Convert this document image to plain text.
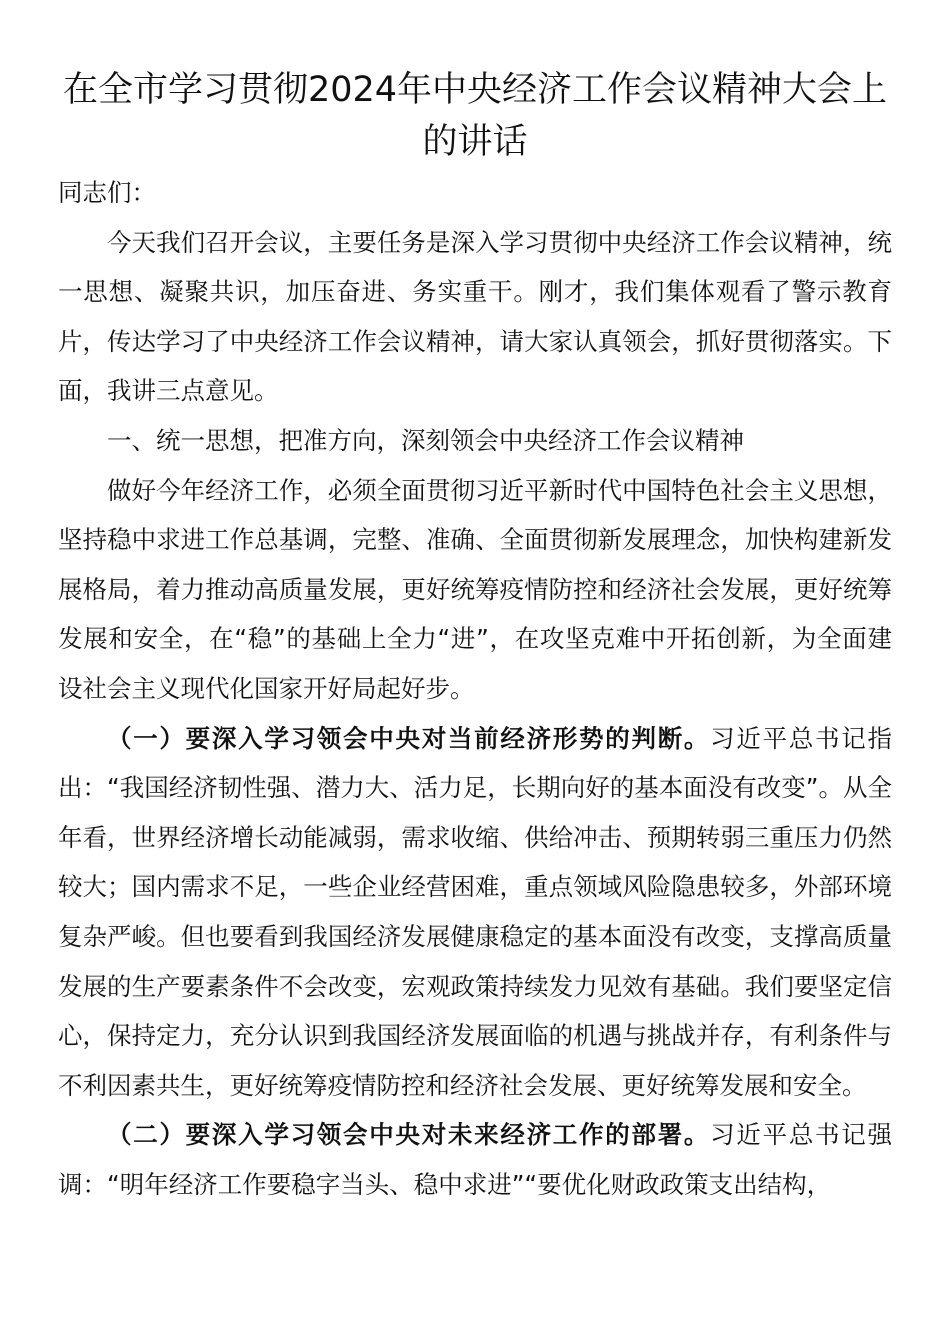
在全市学习贯彻2024年中央经济工作会议精神大会上的讲话

同志们：

今天我们召开会议，主要任务是深入学习贯彻中央经济工作会议精神，统一思想、凝聚共识，加压奋进、务实重干。刚才，我们集体观看了警示教育片，传达学习了中央经济工作会议精神，请大家认真领会，抓好贯彻落实。下面，我讲三点意见。

一、统一思想，把准方向，深刻领会中央经济工作会议精神

做好今年经济工作，必须全面贯彻习近平新时代中国特色社会主义思想，坚持稳中求进工作总基调，完整、准确、全面贯彻新发展理念，加快构建新发展格局，着力推动高质量发展，更好统筹疫情防控和经济社会发展，更好统筹发展和安全，在“稳”的基础上全力“进”，在攻坚克难中开拓创新，为全面建设社会主义现代化国家开好局起好步。

（一）要深入学习领会中央对当前经济形势的判断。习近平总书记指出：“我国经济韧性强、潜力大、活力足，长期向好的基本面没有改变”。从全年看，世界经济增长动能减弱，需求收缩、供给冲击、预期转弱三重压力仍然较大；国内需求不足，一些企业经营困难，重点领域风险隐患较多，外部环境复杂严峻。但也要看到我国经济发展健康稳定的基本面没有改变，支撑高质量发展的生产要素条件不会改变，宏观政策持续发力见效有基础。我们要坚定信心，保持定力，充分认识到我国经济发展面临的机遇与挑战并存，有利条件与不利因素共生，更好统筹疫情防控和经济社会发展、更好统筹发展和安全。

（二）要深入学习领会中央对未来经济工作的部署。习近平总书记强调：“明年经济工作要稳字当头、稳中求进”“要优化财政政策支出结构，
